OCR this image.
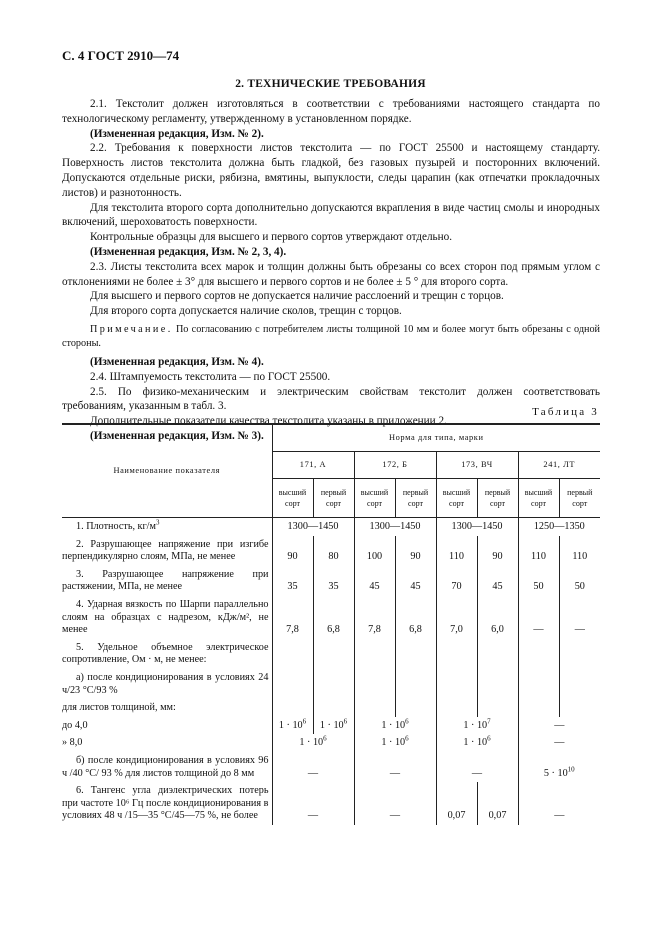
С. 4 ГОСТ 2910—74
2. ТЕХНИЧЕСКИЕ ТРЕБОВАНИЯ

2.1. Текстолит должен изготовляться в соответствии с требованиями настоящего стандарта по технологическому регламенту, утвержденному в установленном порядке.

(Измененная редакция, Изм. № 2).

2.2. Требования к поверхности листов текстолита — по ГОСТ 25500 и настоящему стандарту. Поверхность листов текстолита должна быть гладкой, без газовых пузырей и посторонних включений. Допускаются отдельные риски, рябизна, вмятины, выпуклости, следы царапин (как отпечатки прокладочных листов) и разнотонность.

Для текстолита второго сорта дополнительно допускаются вкрапления в виде частиц смолы и инородных включений, шероховатость поверхности.

Контрольные образцы для высшего и первого сортов утверждают отдельно.

(Измененная редакция, Изм. № 2, 3, 4).

2.3. Листы текстолита всех марок и толщин должны быть обрезаны со всех сторон под прямым углом с отклонениями не более ± 3° для высшего и первого сортов и не более ± 5 ° для второго сорта.

Для высшего и первого сортов не допускается наличие расслоений и трещин с торцов.

Для второго сорта допускается наличие сколов, трещин с торцов.

Примечание. По согласованию с потребителем листы толщиной 10 мм и более могут быть обрезаны с одной стороны.

(Измененная редакция, Изм. № 4).

2.4. Штампуемость текстолита — по ГОСТ 25500.

2.5. По физико-механическим и электрическим свойствам текстолит должен соответствовать требованиям, указанным в табл. 3.

Дополнительные показатели качества текстолита указаны в приложении 2.

(Измененная редакция, Изм. № 3).

Таблица 3
Наименование показателя	Норма для типа, марки							
	171, А		172, Б		173, ВЧ		241, ЛТ	
	высший сорт	первый сорт	высший сорт	первый сорт	высший сорт	первый сорт	высший сорт	первый сорт
1. Плотность, $кг/м^3$	1300—1450		1300—1450		1300—1450		1250—1350	
2. Разрушающее напряжение при изгибе перпендикулярно слоям, МПа, не менее	90	80	100	90	110	90	110	110
3. Разрушающее напряжение при растяжении, МПа, не менее	35	35	45	45	70	45	50	50
4. Ударная вязкость по Шарпи параллельно слоям на образцах с надрезом, кДж/м², не менее	7,8	6,8	7,8	6,8	7,0	6,0	—	—
5. Удельное объемное электрическое сопротивление, Ом · м, не менее:								
а) после кондиционирования в условиях 24 ч/23 °С/93 %								
для листов толщиной, мм:								
до 4,0	$1 \cdot 10^6$	$1 \cdot 10^6$	$1 \cdot 10^6$		$1 \cdot 10^7$		—	
» 8,0	$1 \cdot 10^6$		$1 \cdot 10^6$		$1 \cdot 10^6$		—	
б) после кондиционирования в условиях 96 ч /40 °С/ 93 % для листов толщиной до 8 мм	—		—		—		$5 \cdot 10^{10}$
6. Тангенс угла диэлектрических потерь при частоте 10⁶ Гц после кондиционирования в условиях 48 ч /15—35 °С/45—75 %, не более	—		—		0,07	0,07	—	
